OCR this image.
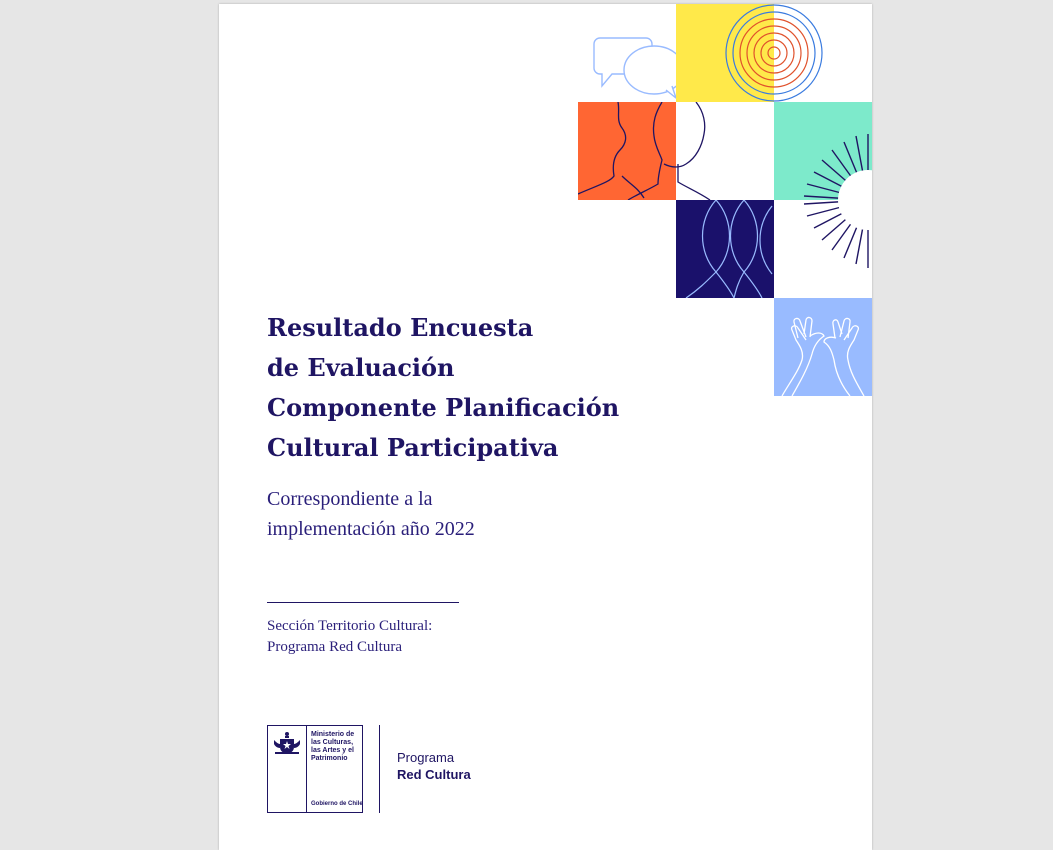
Resultado Encuesta
de Evaluación
Componente Planificación
Cultural Participativa
Correspondiente a la
implementación año 2022
Sección Territorio Cultural:
Programa Red Cultura
Ministerio de
las Culturas,
las Artes y el
Patrimonio
Gobierno de Chile
Programa
Red Cultura
